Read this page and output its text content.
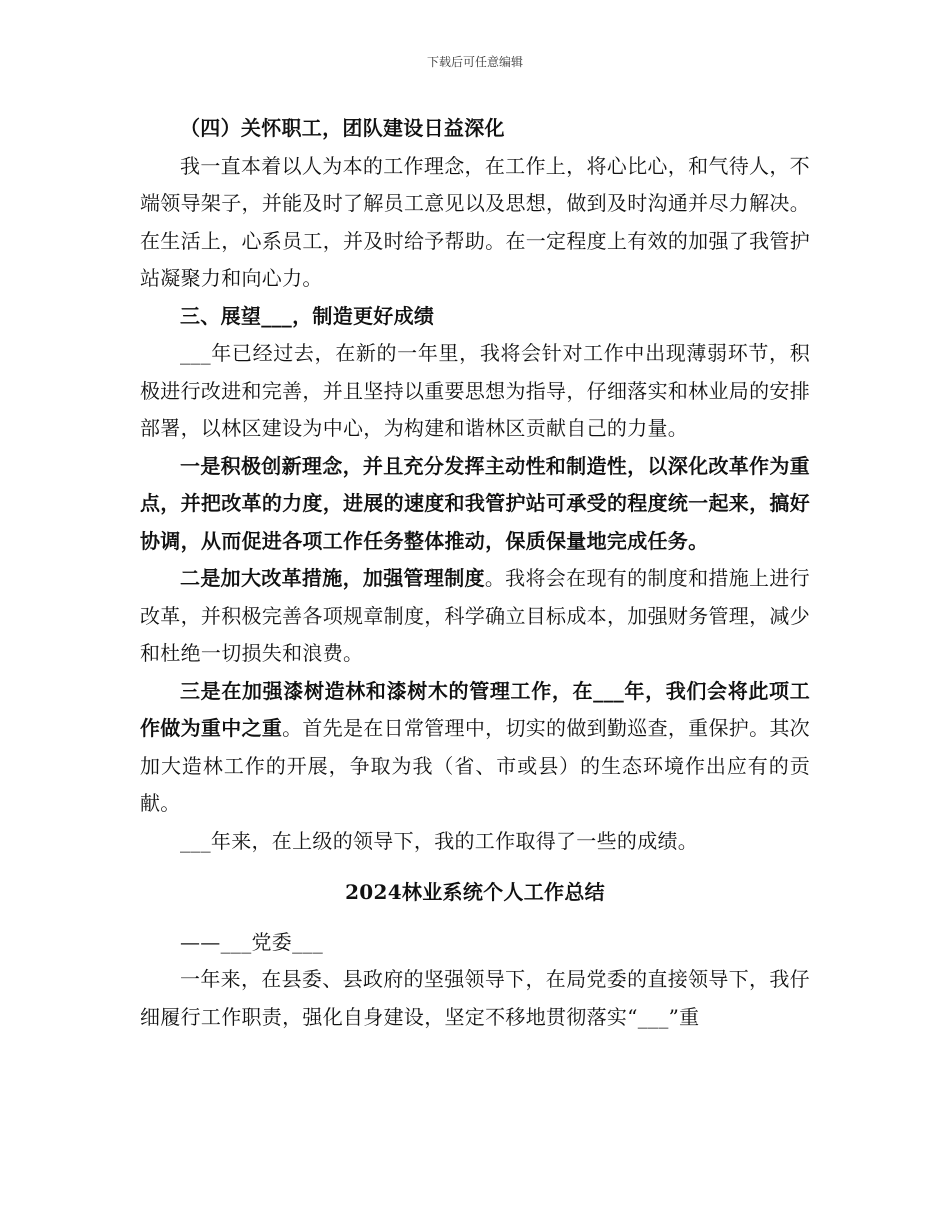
下载后可任意编辑

（四）关怀职工，团队建设日益深化

我一直本着以人为本的工作理念，在工作上，将心比心，和气待人，不端领导架子，并能及时了解员工意见以及思想，做到及时沟通并尽力解决。在生活上，心系员工，并及时给予帮助。在一定程度上有效的加强了我管护站凝聚力和向心力。

三、展望___，制造更好成绩

___年已经过去，在新的一年里，我将会针对工作中出现薄弱环节，积极进行改进和完善，并且坚持以重要思想为指导，仔细落实和林业局的安排部署，以林区建设为中心，为构建和谐林区贡献自己的力量。

一是积极创新理念，并且充分发挥主动性和制造性，以深化改革作为重点，并把改革的力度，进展的速度和我管护站可承受的程度统一起来，搞好协调，从而促进各项工作任务整体推动，保质保量地完成任务。

二是加大改革措施，加强管理制度。我将会在现有的制度和措施上进行改革，并积极完善各项规章制度，科学确立目标成本，加强财务管理，减少和杜绝一切损失和浪费。

三是在加强漆树造林和漆树木的管理工作，在___年，我们会将此项工作做为重中之重。首先是在日常管理中，切实的做到勤巡查，重保护。其次加大造林工作的开展，争取为我（省、市或县）的生态环境作出应有的贡献。

___年来，在上级的领导下，我的工作取得了一些的成绩。

2024林业系统个人工作总结

——___党委___

一年来，在县委、县政府的坚强领导下，在局党委的直接领导下，我仔细履行工作职责，强化自身建设，坚定不移地贯彻落实“___”重
